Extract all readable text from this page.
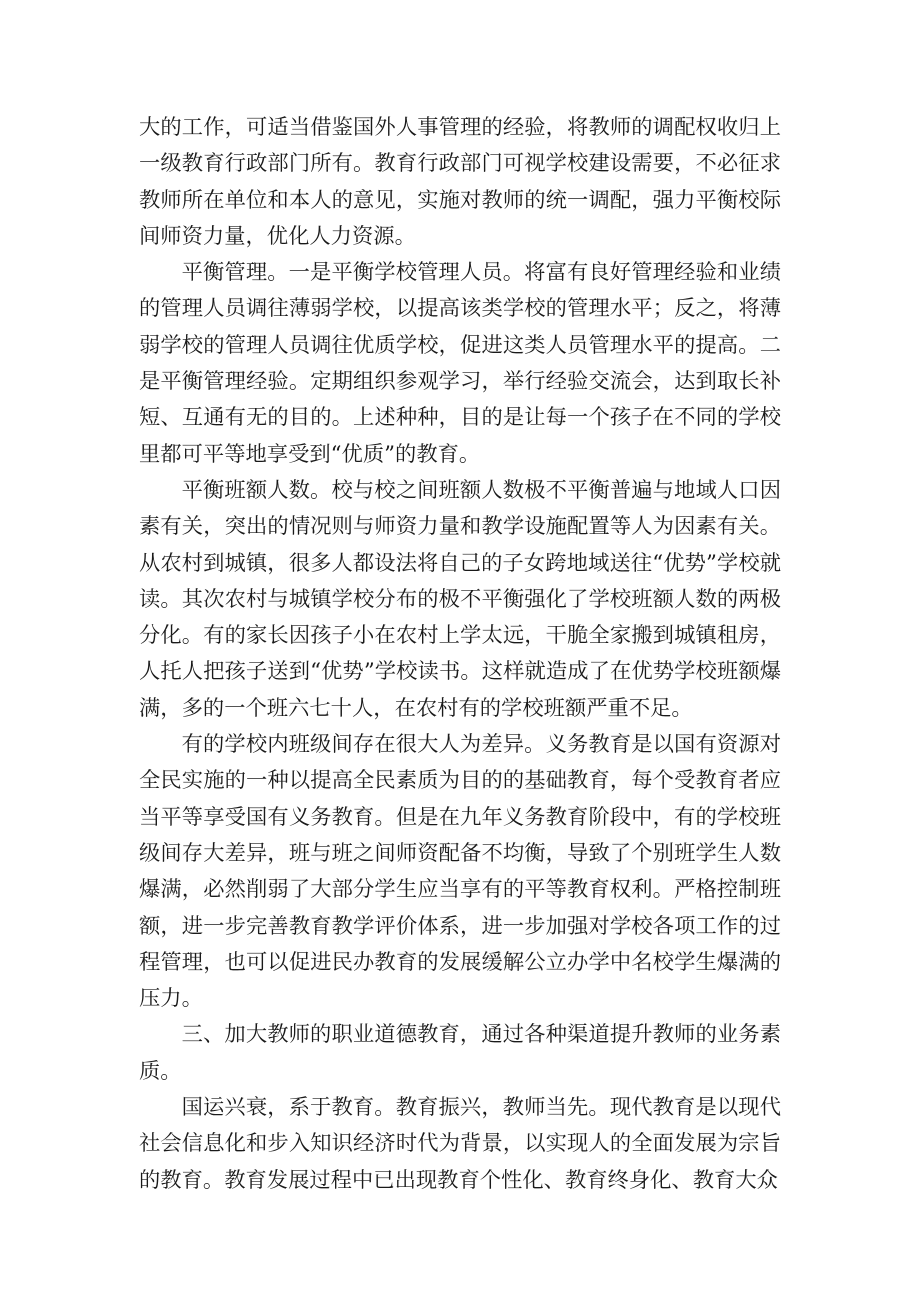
大的工作，可适当借鉴国外人事管理的经验，将教师的调配权收归上一级教育行政部门所有。教育行政部门可视学校建设需要，不必征求教师所在单位和本人的意见，实施对教师的统一调配，强力平衡校际间师资力量，优化人力资源。

平衡管理。一是平衡学校管理人员。将富有良好管理经验和业绩的管理人员调往薄弱学校，以提高该类学校的管理水平；反之，将薄弱学校的管理人员调往优质学校，促进这类人员管理水平的提高。二是平衡管理经验。定期组织参观学习，举行经验交流会，达到取长补短、互通有无的目的。上述种种，目的是让每一个孩子在不同的学校里都可平等地享受到“优质”的教育。

平衡班额人数。校与校之间班额人数极不平衡普遍与地域人口因素有关，突出的情况则与师资力量和教学设施配置等人为因素有关。从农村到城镇，很多人都设法将自己的子女跨地域送往“优势”学校就读。其次农村与城镇学校分布的极不平衡强化了学校班额人数的两极分化。有的家长因孩子小在农村上学太远，干脆全家搬到城镇租房，人托人把孩子送到“优势”学校读书。这样就造成了在优势学校班额爆满，多的一个班六七十人，在农村有的学校班额严重不足。

有的学校内班级间存在很大人为差异。义务教育是以国有资源对全民实施的一种以提高全民素质为目的的基础教育，每个受教育者应当平等享受国有义务教育。但是在九年义务教育阶段中，有的学校班级间存大差异，班与班之间师资配备不均衡，导致了个别班学生人数爆满，必然削弱了大部分学生应当享有的平等教育权利。严格控制班额，进一步完善教育教学评价体系，进一步加强对学校各项工作的过程管理，也可以促进民办教育的发展缓解公立办学中名校学生爆满的压力。

三、加大教师的职业道德教育，通过各种渠道提升教师的业务素质。

国运兴衰，系于教育。教育振兴，教师当先。现代教育是以现代社会信息化和步入知识经济时代为背景，以实现人的全面发展为宗旨的教育。教育发展过程中已出现教育个性化、教育终身化、教育大众
